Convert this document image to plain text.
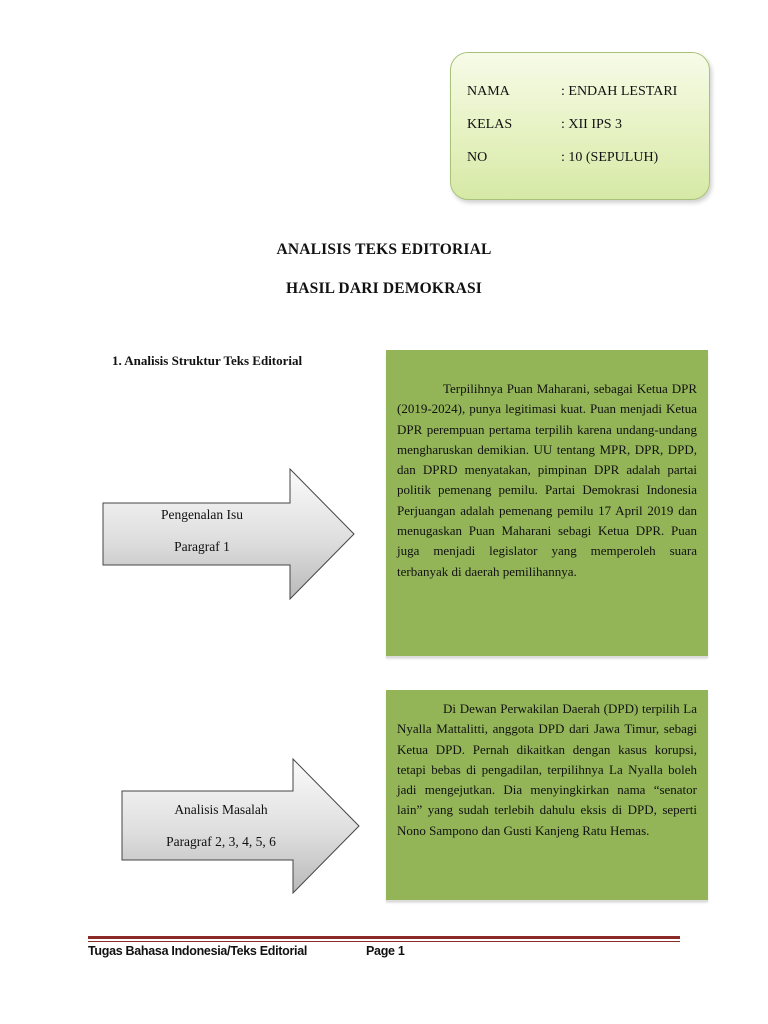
NAMA	: ENDAH LESTARI
KELAS	: XII IPS 3
NO	: 10 (SEPULUH)
ANALISIS TEKS EDITORIAL
HASIL DARI DEMOKRASI
1. Analisis Struktur Teks Editorial
Pengenalan Isu
Paragraf 1

Terpilihnya Puan Maharani, sebagai Ketua DPR (2019-2024), punya legitimasi kuat. Puan menjadi Ketua DPR perempuan pertama terpilih karena undang-undang mengharuskan demikian. UU tentang MPR, DPR, DPD, dan DPRD menyatakan, pimpinan DPR adalah partai politik pemenang pemilu. Partai Demokrasi Indonesia Perjuangan adalah pemenang pemilu 17 April 2019 dan menugaskan Puan Maharani sebagi Ketua DPR. Puan juga menjadi legislator yang memperoleh suara terbanyak di daerah pemilihannya.

Analisis Masalah
Paragraf 2, 3, 4, 5, 6

Di Dewan Perwakilan Daerah (DPD) terpilih La Nyalla Mattalitti, anggota DPD dari Jawa Timur, sebagi Ketua DPD. Pernah dikaitkan dengan kasus korupsi, tetapi bebas di pengadilan, terpilihnya La Nyalla boleh jadi mengejutkan. Dia menyingkirkan nama “senator lain” yang sudah terlebih dahulu eksis di DPD, seperti Nono Sampono dan Gusti Kanjeng Ratu Hemas.

Tugas Bahasa Indonesia/Teks Editorial	Page 1
